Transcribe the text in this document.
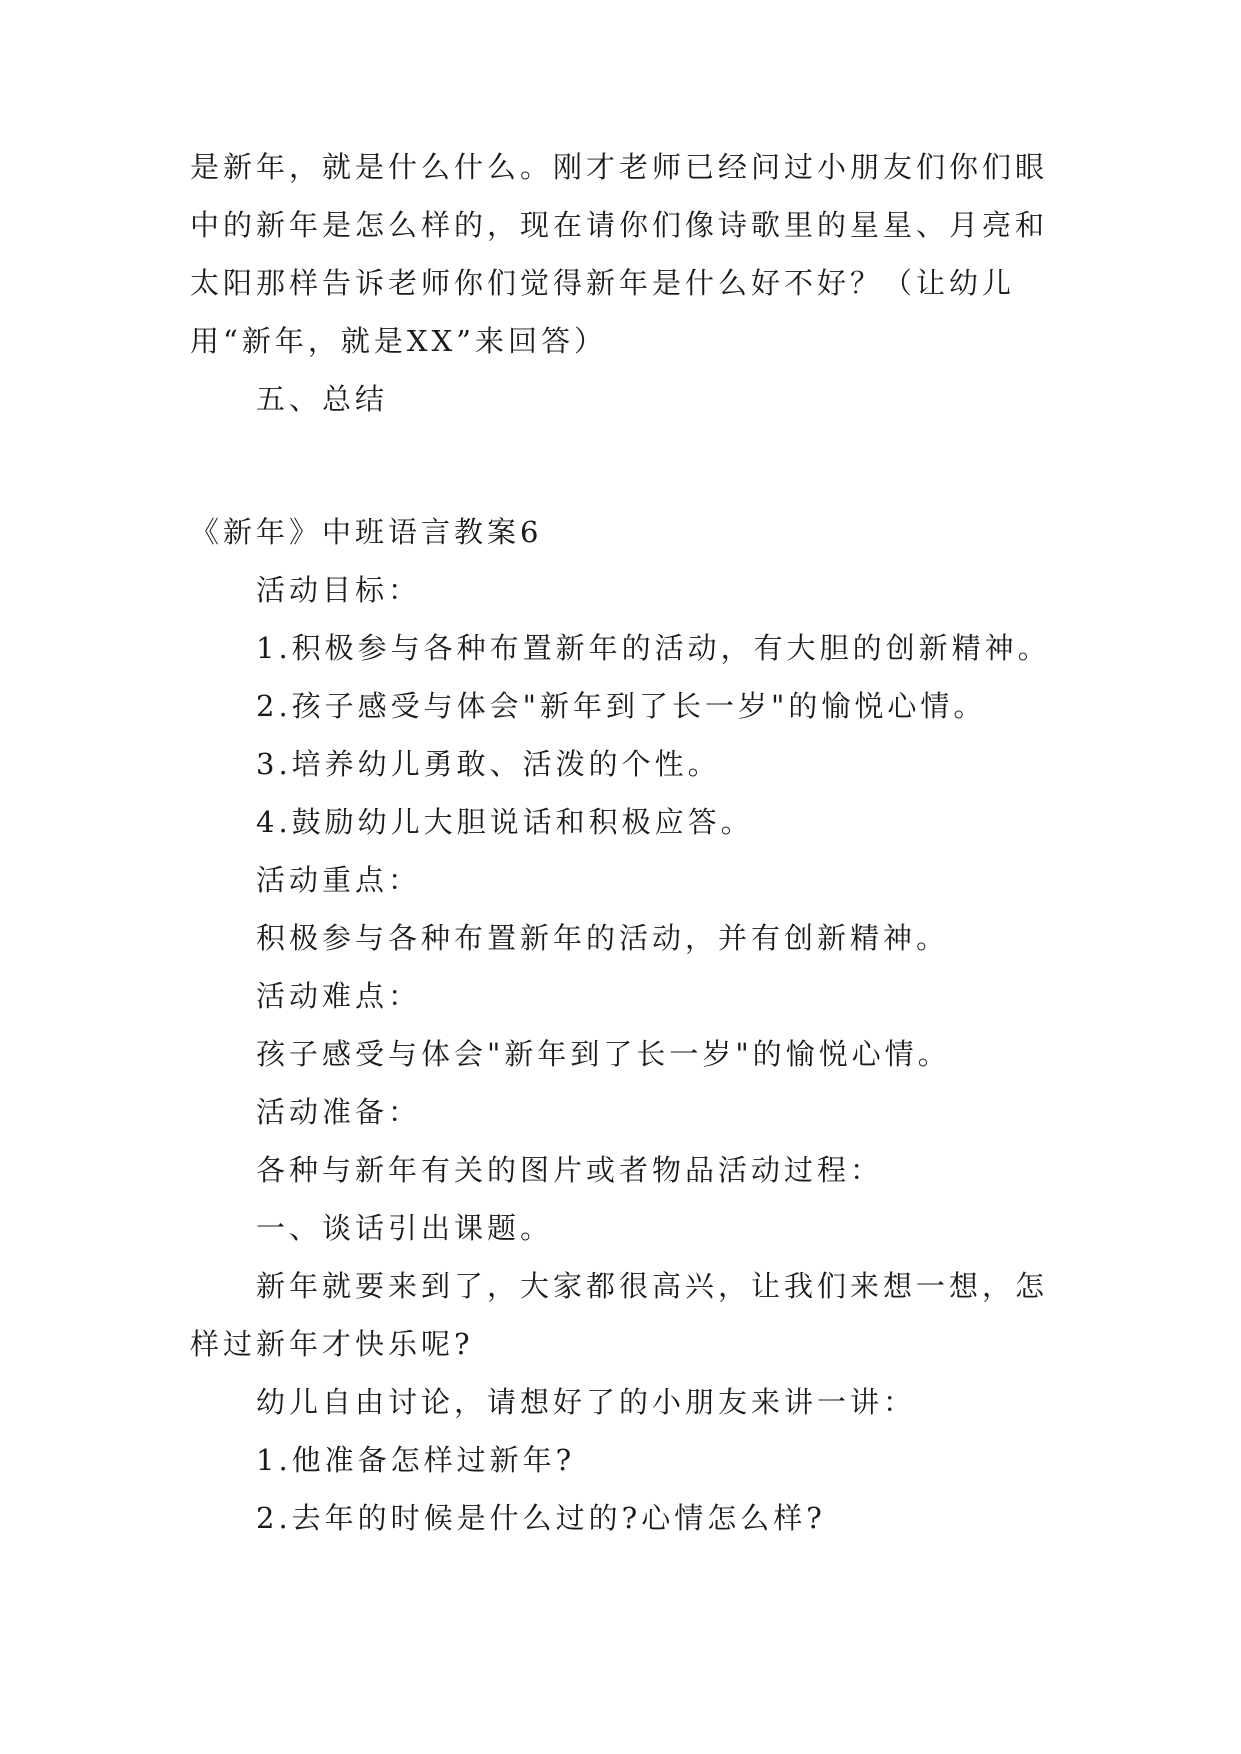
是新年，就是什么什么。刚才老师已经问过小朋友们你们眼
中的新年是怎么样的，现在请你们像诗歌里的星星、月亮和
太阳那样告诉老师你们觉得新年是什么好不好？（让幼儿
用“新年，就是XX”来回答）
五、总结
《新年》中班语言教案6
活动目标：
1.积极参与各种布置新年的活动，有大胆的创新精神。
2.孩子感受与体会"新年到了长一岁"的愉悦心情。
3.培养幼儿勇敢、活泼的个性。
4.鼓励幼儿大胆说话和积极应答。
活动重点：
积极参与各种布置新年的活动，并有创新精神。
活动难点：
孩子感受与体会"新年到了长一岁"的愉悦心情。
活动准备：
各种与新年有关的图片或者物品活动过程：
一、谈话引出课题。
新年就要来到了，大家都很高兴，让我们来想一想，怎
样过新年才快乐呢?
幼儿自由讨论，请想好了的小朋友来讲一讲：
1.他准备怎样过新年?
2.去年的时候是什么过的?心情怎么样?
